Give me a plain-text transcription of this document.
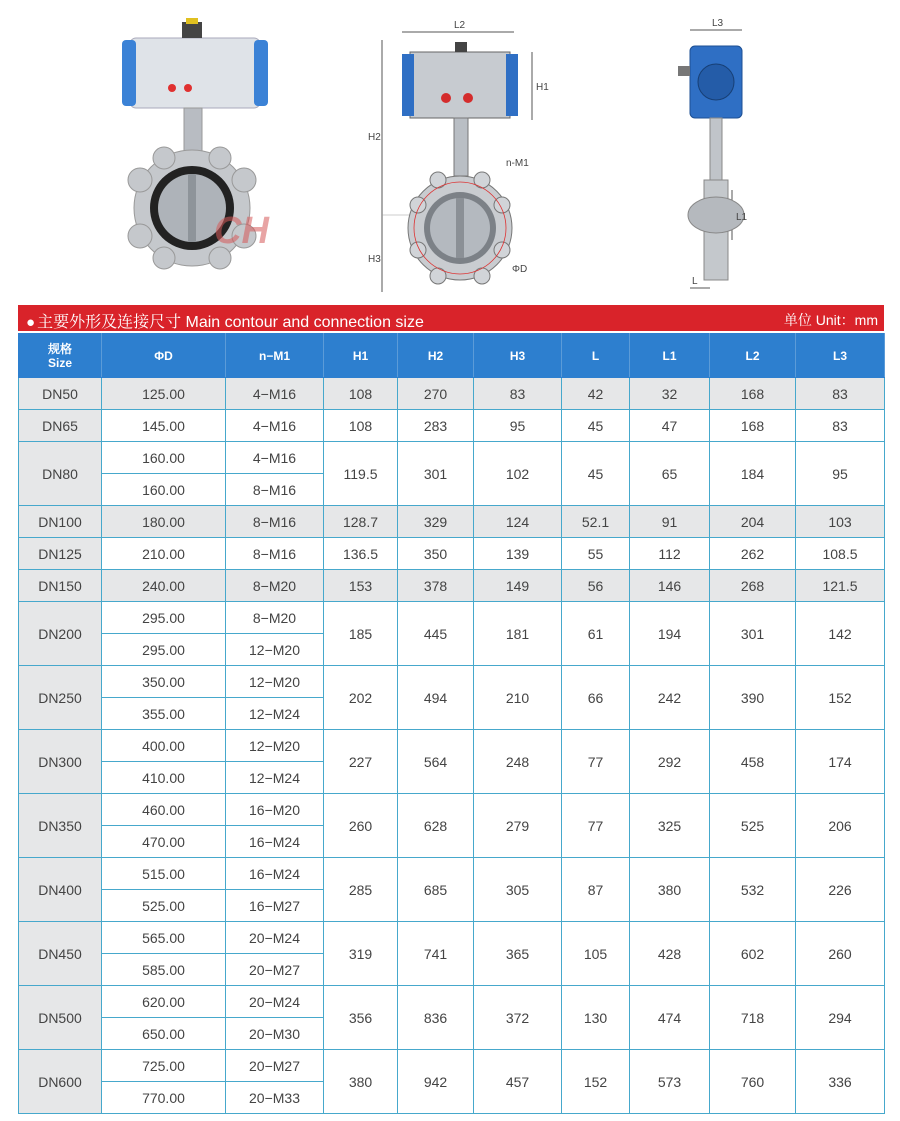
CH
L2
H1
H2
H3
n-M1
ΦD
L3
L1
L
● 主要外形及连接尺寸 Main contour and connection size	单位 Unit：mm
规格
Size	ΦD	n−M1	H1	H2	H3	L	L1	L2	L3
DN50	125.00	4−M16	108	270	83	42	32	168	83
DN65	145.00	4−M16	108	283	95	45	47	168	83
DN80	160.00	4−M16	119.5	301	102	45	65	184	95
	160.00	8−M16							
DN100	180.00	8−M16	128.7	329	124	52.1	91	204	103
DN125	210.00	8−M16	136.5	350	139	55	112	262	108.5
DN150	240.00	8−M20	153	378	149	56	146	268	121.5
DN200	295.00	8−M20	185	445	181	61	194	301	142
	295.00	12−M20							
DN250	350.00	12−M20	202	494	210	66	242	390	152
	355.00	12−M24							
DN300	400.00	12−M20	227	564	248	77	292	458	174
	410.00	12−M24							
DN350	460.00	16−M20	260	628	279	77	325	525	206
	470.00	16−M24							
DN400	515.00	16−M24	285	685	305	87	380	532	226
	525.00	16−M27							
DN450	565.00	20−M24	319	741	365	105	428	602	260
	585.00	20−M27							
DN500	620.00	20−M24	356	836	372	130	474	718	294
	650.00	20−M30							
DN600	725.00	20−M27	380	942	457	152	573	760	336
	770.00	20−M33							
